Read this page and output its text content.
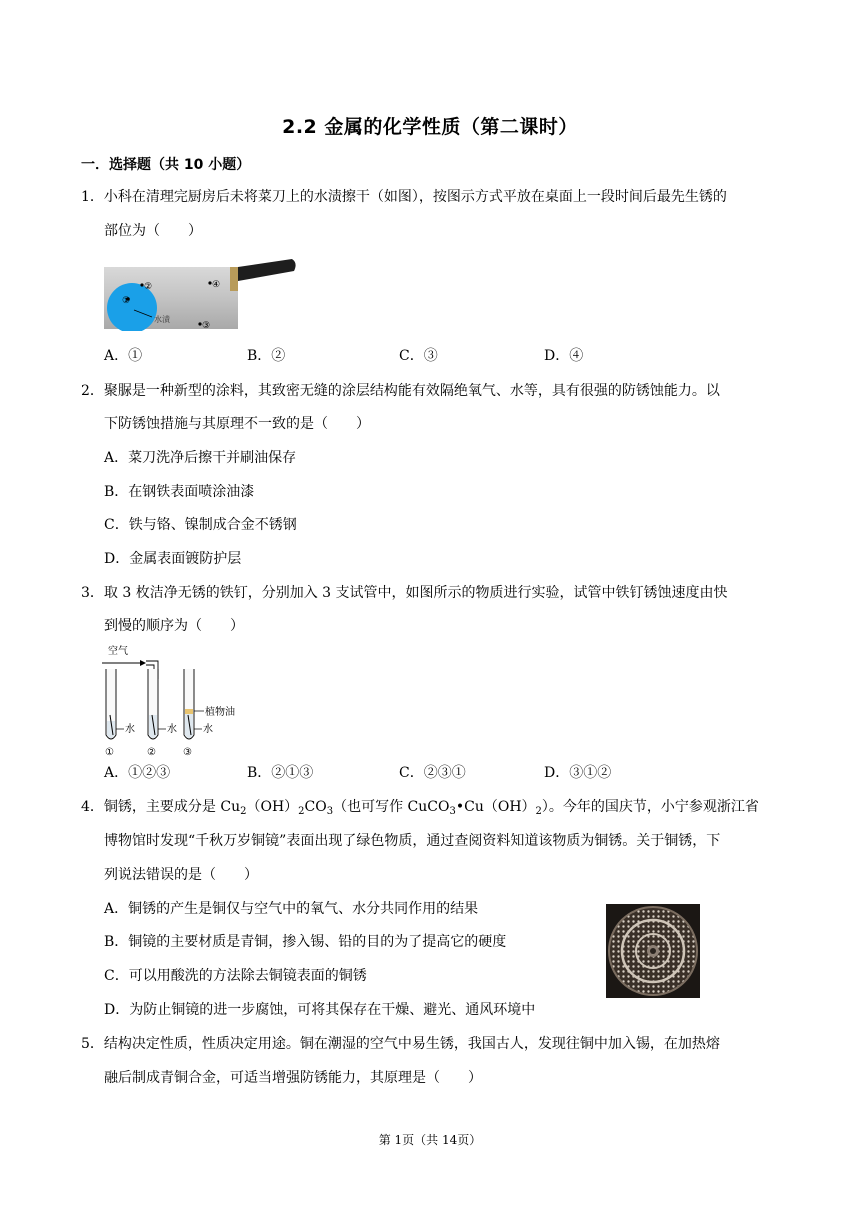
2.2 金属的化学性质（第二课时）
一．选择题（共 10 小题）
1．小科在清理完厨房后未将菜刀上的水渍擦干（如图），按图示方式平放在桌面上一段时间后最先生锈的
部位为（　　）
①
②
③
④
水渍
A．①	B．②	C．③	D．④
2．聚脲是一种新型的涂料，其致密无缝的涂层结构能有效隔绝氧气、水等，具有很强的防锈蚀能力。以
下防锈蚀措施与其原理不一致的是（　　）
A．菜刀洗净后擦干并刷油保存
B．在钢铁表面喷涂油漆
C．铁与铬、镍制成合金不锈钢
D．金属表面镀防护层
3．取 3 枚洁净无锈的铁钉，分别加入 3 支试管中，如图所示的物质进行实验，试管中铁钉锈蚀速度由快
到慢的顺序为（　　）
空气
水
①
水
②
植物油
水
③
A．①②③	B．②①③	C．②③①	D．③①②
4．铜锈，主要成分是 $Cu_2(OH)_2CO_3$（也可写作 $CuCO_3•Cu(OH)_2$）。今年的国庆节，小宁参观浙江省
博物馆时发现“千秋万岁铜镜”表面出现了绿色物质，通过查阅资料知道该物质为铜锈。关于铜锈，下
列说法错误的是（　　）
A．铜锈的产生是铜仅与空气中的氧气、水分共同作用的结果
B．铜镜的主要材质是青铜，掺入锡、铅的目的为了提高它的硬度
C．可以用酸洗的方法除去铜镜表面的铜锈
D．为防止铜镜的进一步腐蚀，可将其保存在干燥、避光、通风环境中
5．结构决定性质，性质决定用途。铜在潮湿的空气中易生锈，我国古人，发现往铜中加入锡，在加热熔
融后制成青铜合金，可适当增强防锈能力，其原理是（　　）
第 1页（共 14页）
